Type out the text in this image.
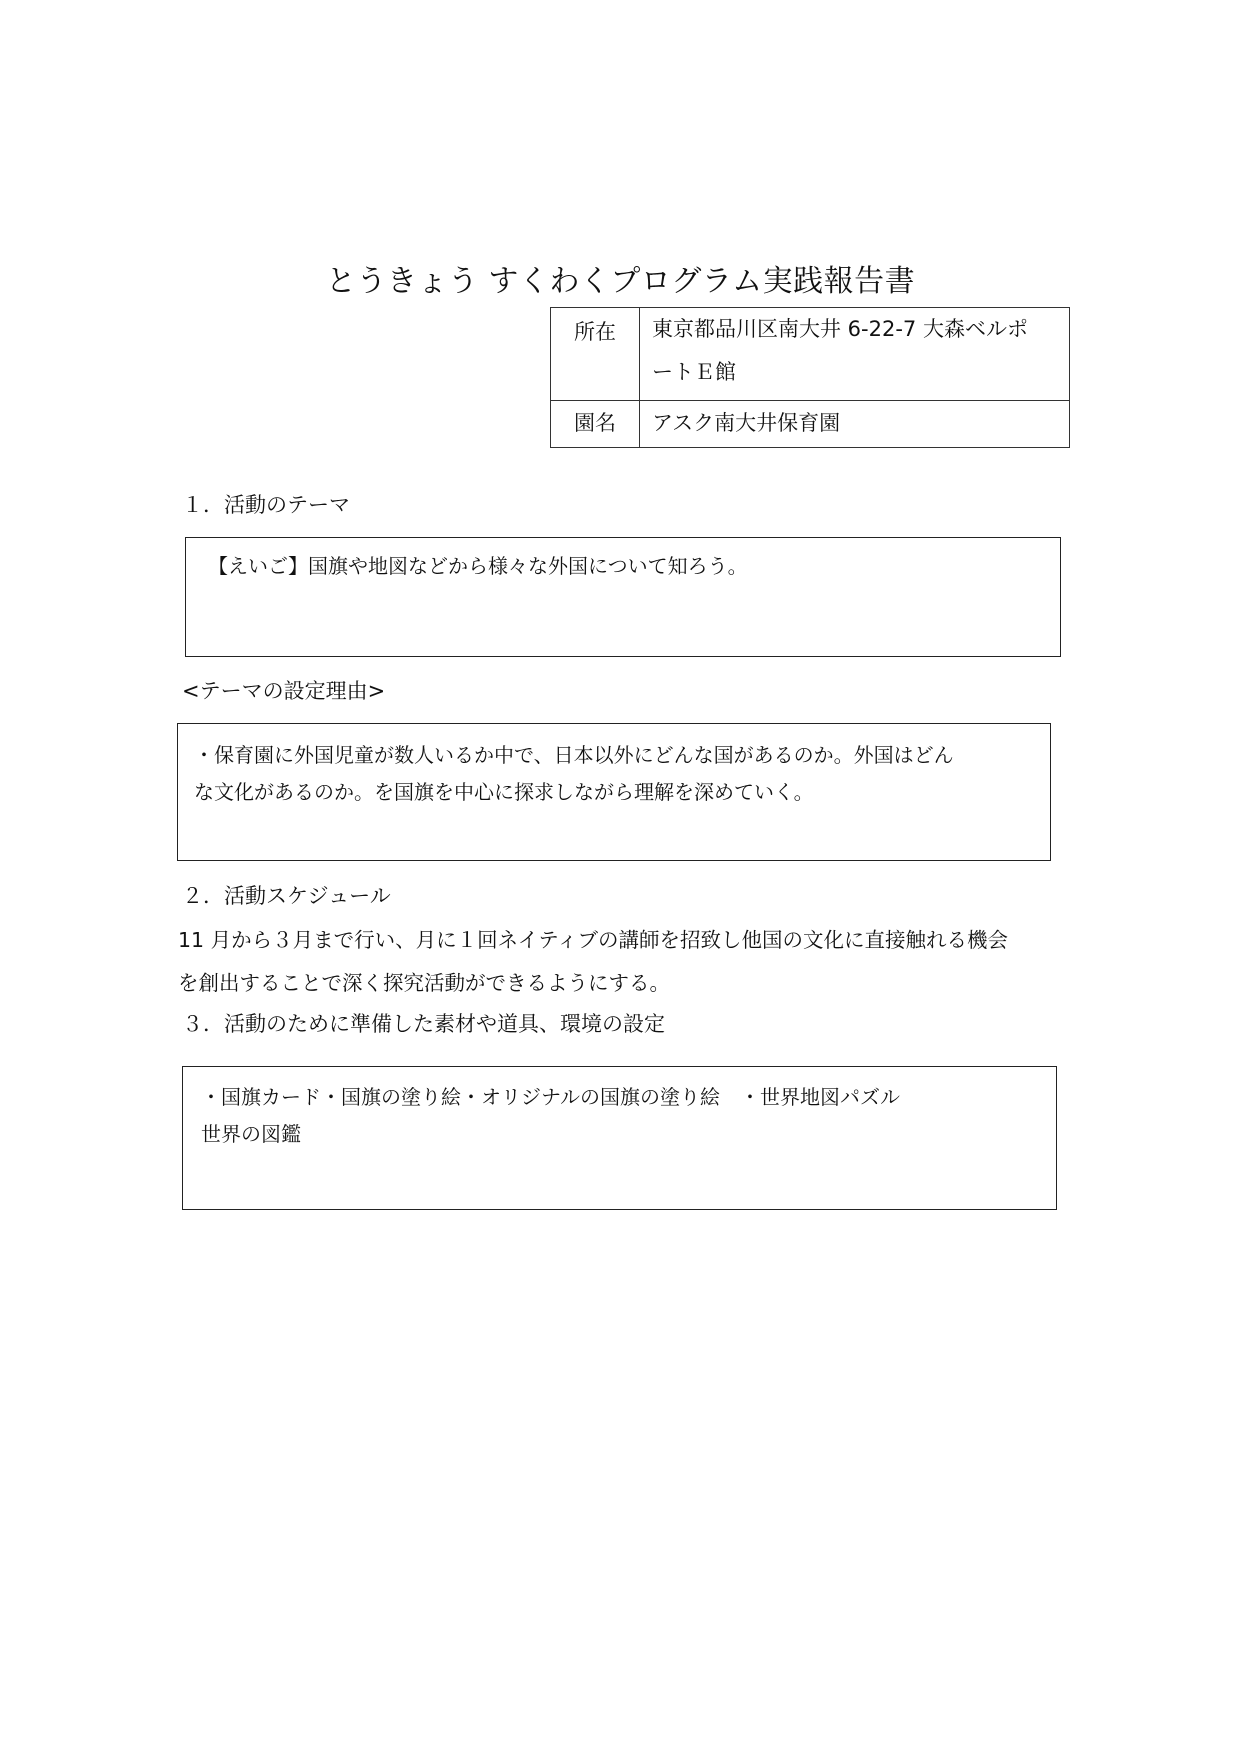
とうきょう すくわくプログラム実践報告書
所在	東京都品川区南大井 6-22-7 大森ベルポ
ートＥ館

園名	アスク南大井保育園
１．活動のテーマ
【えいご】国旗や地図などから様々な外国について知ろう。
<テーマの設定理由>
・保育園に外国児童が数人いるか中で、日本以外にどんな国があるのか。外国はどん
な文化があるのか。を国旗を中心に探求しながら理解を深めていく。
２．活動スケジュール
11 月から３月まで行い、月に１回ネイティブの講師を招致し他国の文化に直接触れる機会
を創出することで深く探究活動ができるようにする。
３．活動のために準備した素材や道具、環境の設定
・国旗カード・国旗の塗り絵・オリジナルの国旗の塗り絵　・世界地図パズル
世界の図鑑
